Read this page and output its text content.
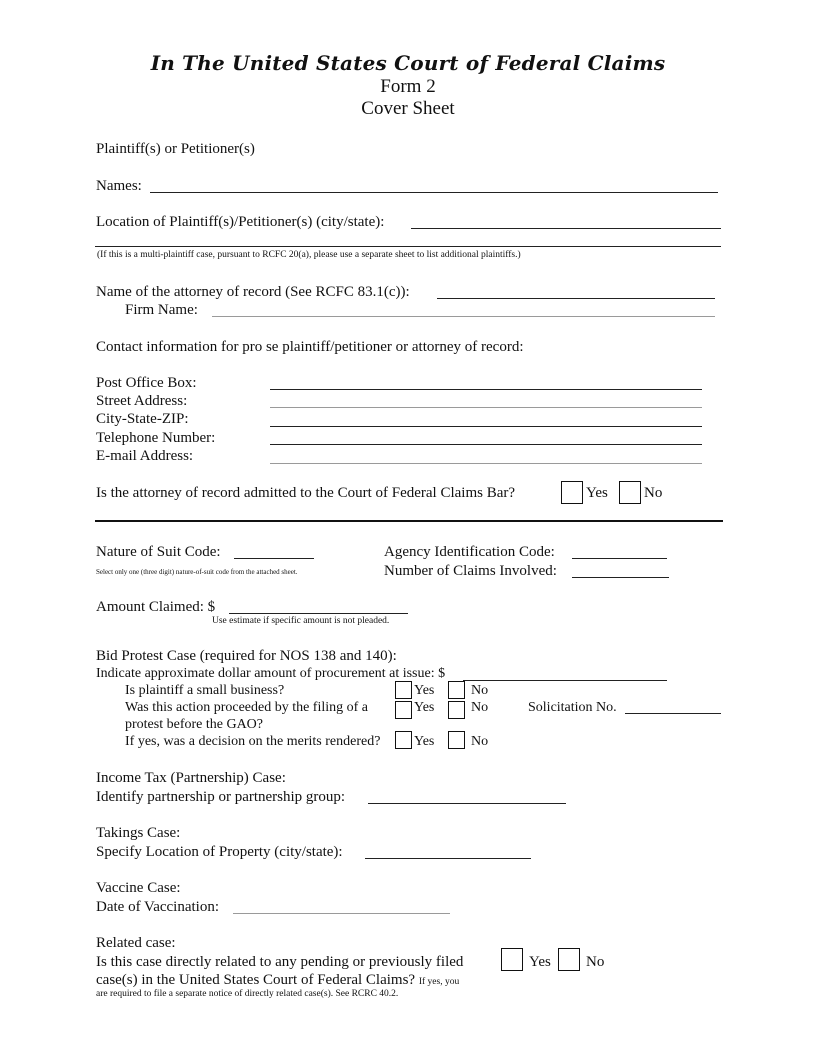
In The United States Court of Federal Claims
Form 2
Cover Sheet
Plaintiff(s) or Petitioner(s)
Names:
Location of Plaintiff(s)/Petitioner(s) (city/state):
(If this is a multi-plaintiff case, pursuant to RCFC 20(a), please use a separate sheet to list additional plaintiffs.)
Name of the attorney of record (See RCFC 83.1(c)):
Firm Name:
Contact information for pro se plaintiff/petitioner or attorney of record:
Post Office Box:
Street Address:
City-State-ZIP:
Telephone Number:
E-mail Address:
Is the attorney of record admitted to the Court of Federal Claims Bar?	Yes No
Nature of Suit Code:
Select only one (three digit) nature-of-suit code from the attached sheet.
Agency Identification Code:
Number of Claims Involved:
Amount Claimed: $
Use estimate if specific amount is not pleaded.
Bid Protest Case (required for NOS 138 and 140):
Indicate approximate dollar amount of procurement at issue: $
Is plaintiff a small business?	Yes	No
Was this action proceeded by the filing of a
protest before the GAO?
Yes	No	Solicitation No.
If yes, was a decision on the merits rendered? Yes	No
Income Tax (Partnership) Case:
Identify partnership or partnership group:
Takings Case:
Specify Location of Property (city/state):
Vaccine Case:
Date of Vaccination:
Related case:
Is this case directly related to any pending or previously filed
case(s) in the United States Court of Federal Claims? If yes, you
are required to file a separate notice of directly related case(s). See RCRC 40.2.
Yes No
